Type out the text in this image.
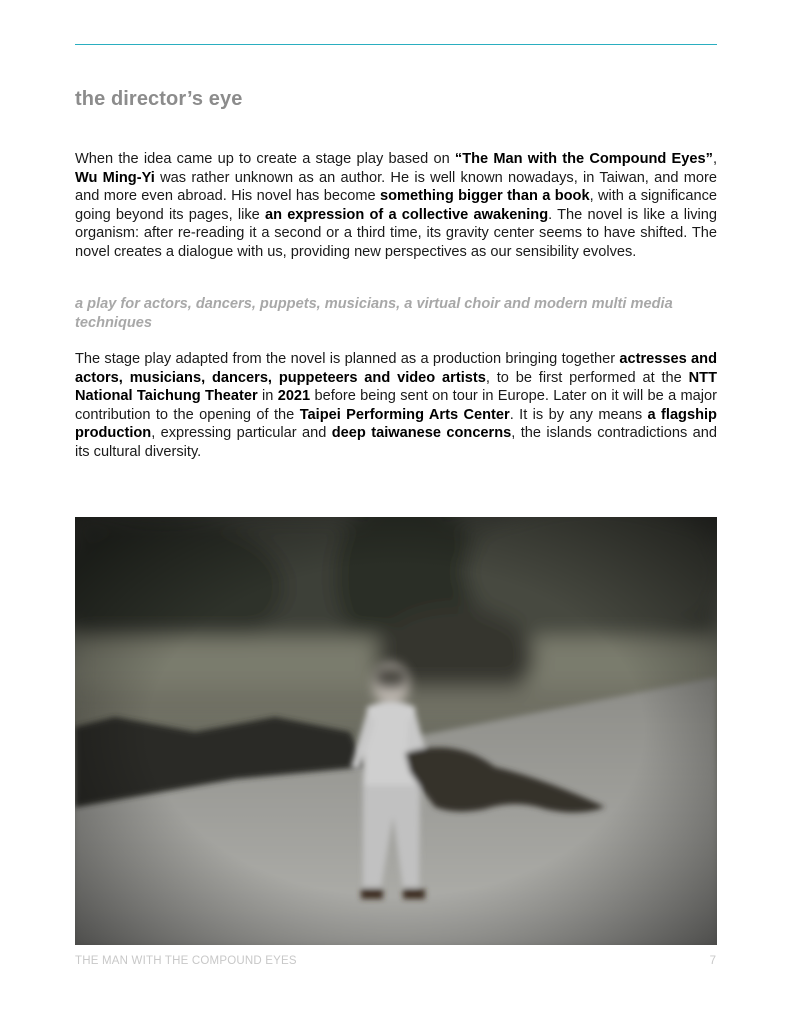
the director’s eye

When the idea came up to create a stage play based on “The Man with the Compound Eyes”, Wu Ming-Yi was rather unknown as an author. He is well known nowadays, in Taiwan, and more and more even abroad. His novel has become something bigger than a book, with a significance going beyond its pages, like an expression of a collective awakening. The novel is like a living organism: after re-reading it a second or a third time, its gravity center seems to have shifted. The novel creates a dialogue with us, providing new perspectives as our sensibility evolves.

a play for actors, dancers, puppets, musicians, a virtual choir and modern multi media techniques

The stage play adapted from the novel is planned as a production bringing together actresses and actors, musicians, dancers, puppeteers and video artists, to be first performed at the NTT National Taichung Theater in 2021 before being sent on tour in Europe. Later on it will be a major contribution to the opening of the Taipei Performing Arts Center. It is by any means a flagship production, expressing particular and deep taiwanese concerns, the islands contradictions and its cultural diversity.

THE MAN WITH THE COMPOUND EYES	7
